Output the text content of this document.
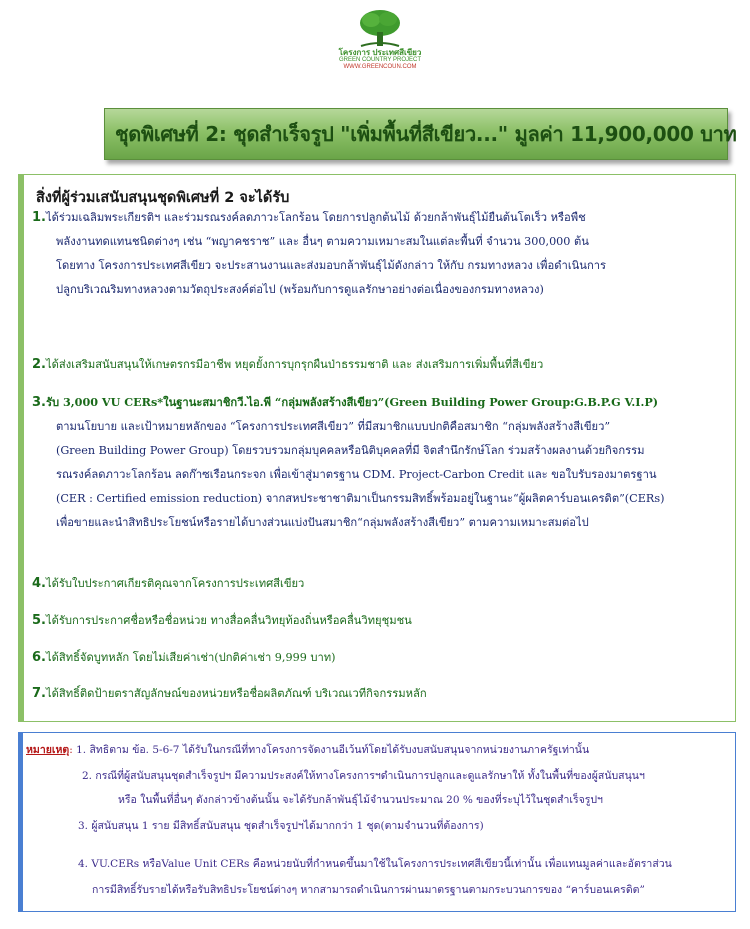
โครงการ ประเทศสีเขียว
GREEN COUNTRY PROJECT
WWW.GREENCOUN.COM
ชุดพิเศษที่ 2: ชุดสำเร็จรูป "เพิ่มพื้นที่สีเขียว..." มูลค่า 11,900,000 บาท
สิ่งที่ผู้ร่วมเสนับสนุนชุดพิเศษที่ 2 จะได้รับ
1.ได้ร่วมเฉลิมพระเกียรติฯ และร่วมรณรงค์ลดภาวะโลกร้อน โดยการปลูกต้นไม้ ด้วยกล้าพันธุ์ไม้ยืนต้นโตเร็ว หรือพืช
พลังงานทดแทนชนิดต่างๆ เช่น “พญาคชราช” และ อื่นๆ ตามความเหมาะสมในแต่ละพื้นที่ จำนวน 300,000 ต้น
โดยทาง โครงการประเทศสีเขียว จะประสานงานและส่งมอบกล้าพันธุ์ไม้ดังกล่าว ให้กับ กรมทางหลวง เพื่อดำเนินการ
ปลูกบริเวณริมทางหลวงตามวัตถุประสงค์ต่อไป (พร้อมกับการดูแลรักษาอย่างต่อเนื่องของกรมทางหลวง)
2.ได้ส่งเสริมสนับสนุนให้เกษตรกรมีอาชีพ หยุดยั้งการบุกรุกผืนป่าธรรมชาติ และ ส่งเสริมการเพิ่มพื้นที่สีเขียว
3.รับ 3,000 VU CERs*ในฐานะสมาชิกวี.ไอ.พี “กลุ่มพลังสร้างสีเขียว”(Green Building Power Group:G.B.P.G V.I.P)
ตามนโยบาย และเป้าหมายหลักของ “โครงการประเทศสีเขียว” ที่มีสมาชิกแบบปกติคือสมาชิก “กลุ่มพลังสร้างสีเขียว”
(Green Building Power Group) โดยรวบรวมกลุ่มบุคคลหรือนิติบุคคลที่มี จิตสำนึกรักษ์โลก ร่วมสร้างผลงานด้วยกิจกรรม
รณรงค์ลดภาวะโลกร้อน ลดก๊าซเรือนกระจก เพื่อเข้าสู่มาตรฐาน CDM. Project-Carbon Credit และ ขอใบรับรองมาตรฐาน
(CER : Certified emission reduction) จากสหประชาชาติมาเป็นกรรมสิทธิ์พร้อมอยู่ในฐานะ“ผู้ผลิตคาร์บอนเครดิต”(CERs)
เพื่อขายและนำสิทธิประโยชน์หรือรายได้บางส่วนแบ่งปันสมาชิก“กลุ่มพลังสร้างสีเขียว” ตามความเหมาะสมต่อไป
4.ได้รับใบประกาศเกียรติคุณจากโครงการประเทศสีเขียว
5.ได้รับการประกาศชื่อหรือชื่อหน่วย ทางสื่อคลื่นวิทยุท้องถิ่นหรือคลื่นวิทยุชุมชน
6.ได้สิทธิ์จัดบูทหลัก โดยไม่เสียค่าเช่า(ปกติค่าเช่า 9,999 บาท)
7.ได้สิทธิ์ติดป้ายตราสัญลักษณ์ของหน่วยหรือชื่อผลิตภัณฑ์ บริเวณเวทีกิจกรรมหลัก
หมายเหตุ: 1. สิทธิตาม ข้อ. 5-6-7 ได้รับในกรณีที่ทางโครงการจัดงานอีเว้นท์โดยได้รับงบสนับสนุนจากหน่วยงานภาครัฐเท่านั้น
2. กรณีที่ผู้สนับสนุนชุดสำเร็จรูปฯ มีความประสงค์ให้ทางโครงการฯดำเนินการปลูกและดูแลรักษาให้ ทั้งในพื้นที่ของผู้สนับสนุนฯ
หรือ ในพื้นที่อื่นๆ ดังกล่าวข้างต้นนั้น จะได้รับกล้าพันธุ์ไม้จำนวนประมาณ 20 % ของที่ระบุไว้ในชุดสำเร็จรูปฯ
3. ผู้สนับสนุน 1 ราย มีสิทธิ์สนับสนุน ชุดสำเร็จรูปฯได้มากกว่า 1 ชุด(ตามจำนวนที่ต้องการ)
4. VU.CERs หรือValue Unit CERs คือหน่วยนับที่กำหนดขึ้นมาใช้ในโครงการประเทศสีเขียวนี้เท่านั้น เพื่อแทนมูลค่าและอัตราส่วน
การมีสิทธิ์รับรายได้หรือรับสิทธิประโยชน์ต่างๆ หากสามารถดำเนินการผ่านมาตรฐานตามกระบวนการของ “คาร์บอนเครดิต”
